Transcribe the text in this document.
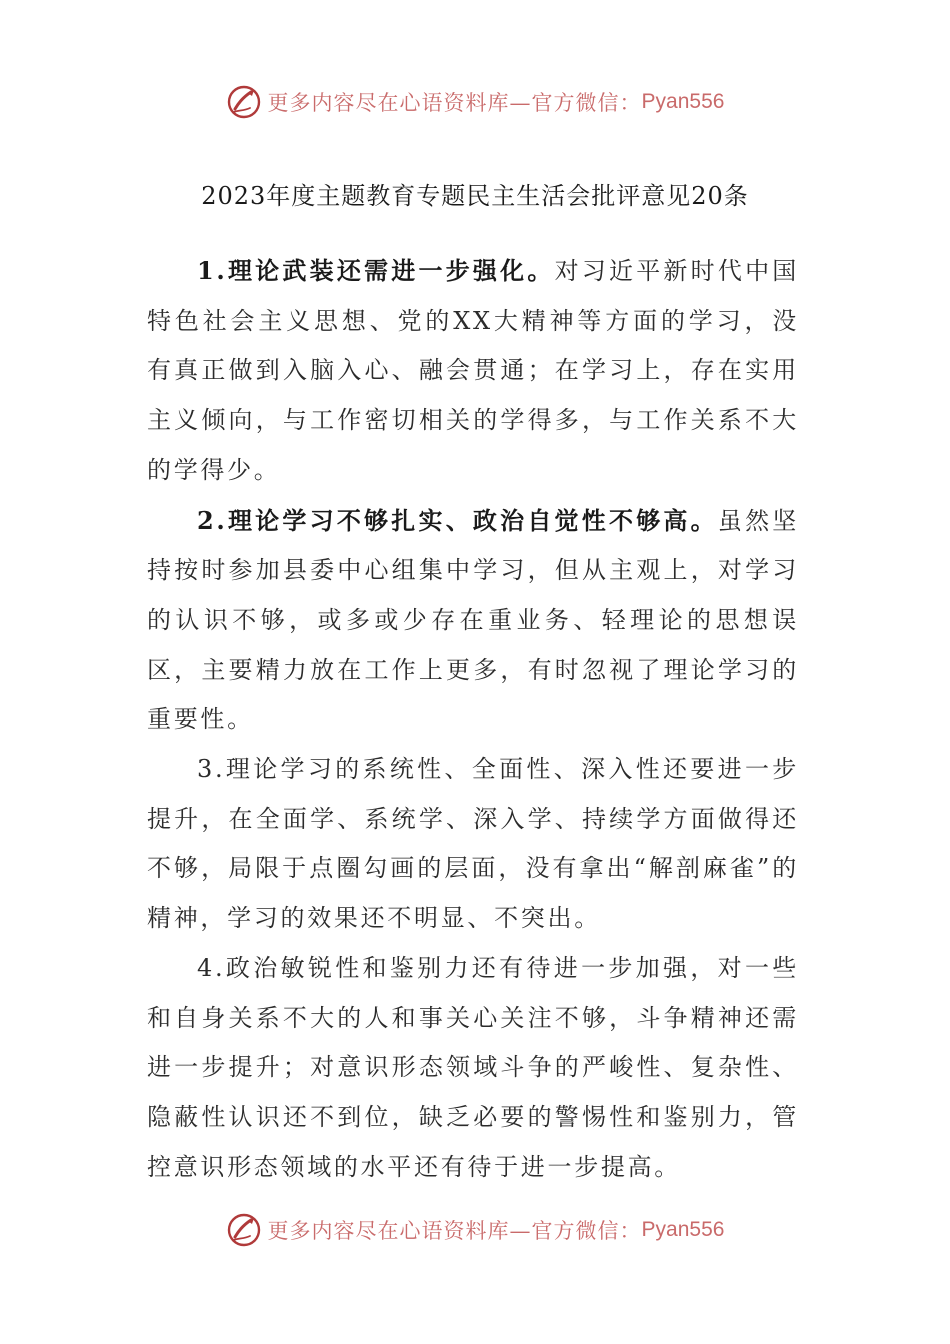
更多内容尽在心语资料库—官方微信： Pyan556
2023年度主题教育专题民主生活会批评意见20条

1.理论武装还需进一步强化。对习近平新时代中国特色社会主义思想、党的XX大精神等方面的学习，没有真正做到入脑入心、融会贯通；在学习上，存在实用主义倾向，与工作密切相关的学得多，与工作关系不大的学得少。

2.理论学习不够扎实、政治自觉性不够高。虽然坚持按时参加县委中心组集中学习，但从主观上，对学习的认识不够，或多或少存在重业务、轻理论的思想误区，主要精力放在工作上更多，有时忽视了理论学习的重要性。

3.理论学习的系统性、全面性、深入性还要进一步提升，在全面学、系统学、深入学、持续学方面做得还不够，局限于点圈勾画的层面，没有拿出“解剖麻雀”的精神，学习的效果还不明显、不突出。

4.政治敏锐性和鉴别力还有待进一步加强，对一些和自身关系不大的人和事关心关注不够，斗争精神还需进一步提升；对意识形态领域斗争的严峻性、复杂性、隐蔽性认识还不到位，缺乏必要的警惕性和鉴别力，管控意识形态领域的水平还有待于进一步提高。

更多内容尽在心语资料库—官方微信： Pyan556
